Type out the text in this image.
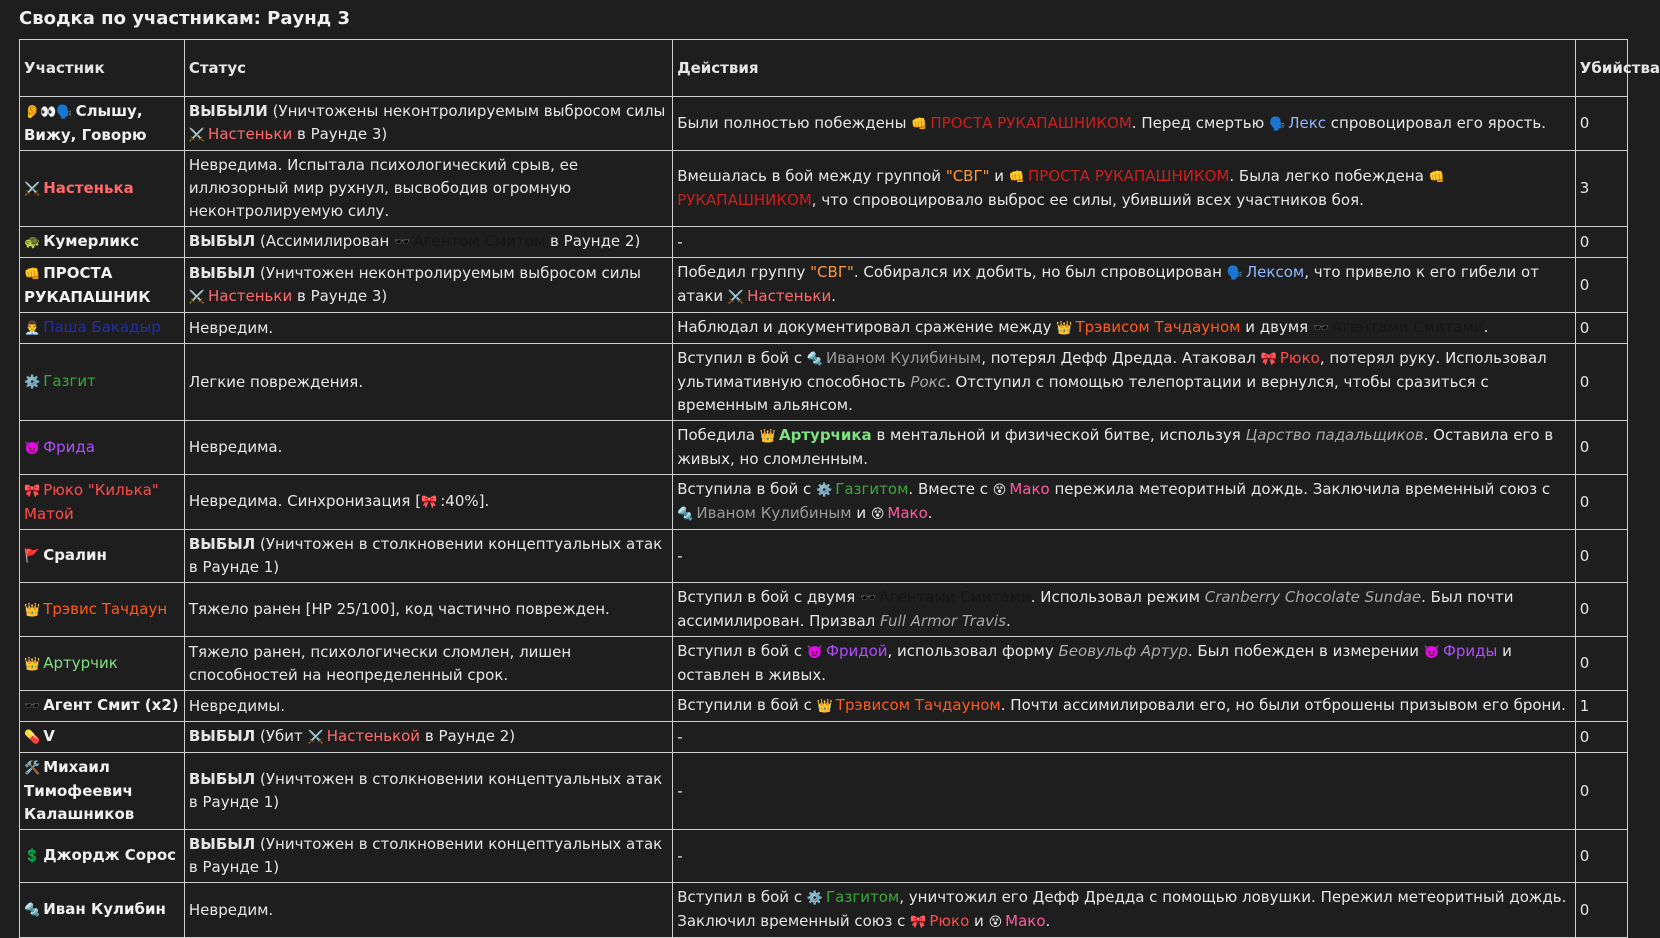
Сводка по участникам: Раунд 3
Участник	Статус	Действия	Убийства
👂👀🗣️ Слышу, Вижу, Говорю	ВЫБЫЛИ (Уничтожены неконтролируемым выбросом силы ⚔️ Настеньки в Раунде 3)	Были полностью побеждены 👊 ПРОСТА РУКАПАШНИКОМ. Перед смертью 🗣️ Лекс спровоцировал его ярость.	0
⚔️ Настенька	Невредима. Испытала психологический срыв, ее иллюзорный мир рухнул, высвободив огромную неконтролируемую силу.	Вмешалась в бой между группой "СВГ" и 👊 ПРОСТА РУКАПАШНИКОМ. Была легко побеждена 👊РУКАПАШНИКОМ, что спровоцировало выброс ее силы, убивший всех участников боя.	3
🐢 Кумерликс	ВЫБЫЛ (Ассимилирован 🕶️ Агентом Смитом в Раунде 2)	-	0
👊 ПРОСТА РУКАПАШНИК	ВЫБЫЛ (Уничтожен неконтролируемым выбросом силы ⚔️ Настеньки в Раунде 3)	Победил группу "СВГ". Собирался их добить, но был спровоцирован 🗣️ Лексом, что привело к его гибели от атаки ⚔️ Настеньки.	0
👨‍💼 Паша Бакадыр	Невредим.	Наблюдал и документировал сражение между 👑 Трэвисом Тачдауном и двумя 🕶️ Агентами Смитами.	0
⚙️ Газгит	Легкие повреждения.	Вступил в бой с 🔩 Иваном Кулибиным, потерял Дефф Дредда. Атаковал 🎀 Рюко, потерял руку. Использовал ультимативную способность Рокс. Отступил с помощью телепортации и вернулся, чтобы сразиться с временным альянсом.	0
👿 Фрида	Невредима.	Победила 👑 Артурчика в ментальной и физической битве, используя Царство падальщиков. Оставила его в живых, но сломленным.	0
🎀 Рюко "Килька" Матой	Невредима. Синхронизация [🎀 :40%].	Вступила в бой с ⚙️ Газгитом. Вместе с 😵 Мако пережила метеоритный дождь. Заключила временный союз с 🔩 Иваном Кулибиным и 😵 Мако.	0
🚩 Сралин	ВЫБЫЛ (Уничтожен в столкновении концептуальных атак в Раунде 1)	-	0
👑 Трэвис Тачдаун	Тяжело ранен [HP 25/100], код частично поврежден.	Вступил в бой с двумя 🕶️ Агентами Смитами. Использовал режим Cranberry Chocolate Sundae. Был почти ассимилирован. Призвал Full Armor Travis.	0
👑 Артурчик	Тяжело ранен, психологически сломлен, лишен способностей на неопределенный срок.	Вступил в бой с 👿 Фридой, использовал форму Беовульф Артур. Был побежден в измерении 👿 Фриды и оставлен в живых.	0
🕶️ Агент Смит (x2)	Невредимы.	Вступили в бой с 👑 Трэвисом Тачдауном. Почти ассимилировали его, но были отброшены призывом его брони.	1
💊 V	ВЫБЫЛ (Убит ⚔️ Настенькой в Раунде 2)	-	0
🛠️ Михаил Тимофеевич Калашников	ВЫБЫЛ (Уничтожен в столкновении концептуальных атак в Раунде 1)	-	0
💲 Джордж Сорос	ВЫБЫЛ (Уничтожен в столкновении концептуальных атак в Раунде 1)	-	0
🔩 Иван Кулибин	Невредим.	Вступил в бой с ⚙️ Газгитом, уничтожил его Дефф Дредда с помощью ловушки. Пережил метеоритный дождь. Заключил временный союз с 🎀 Рюко и 😵 Мако.	0
